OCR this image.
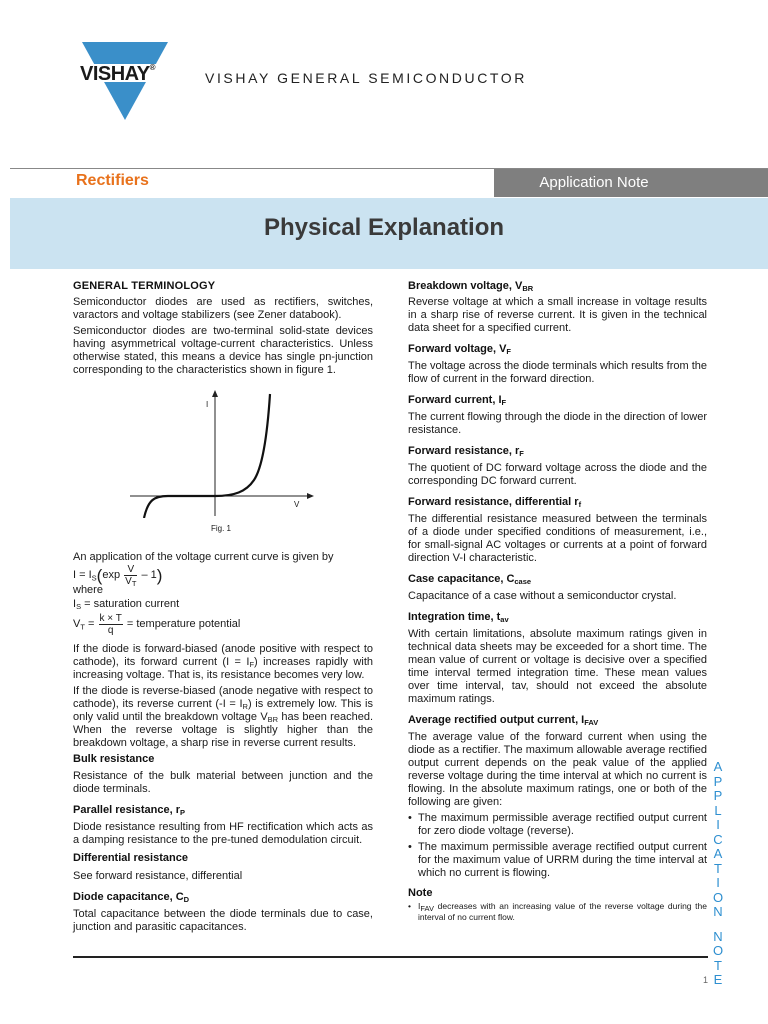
VISHAY®
VISHAY GENERAL SEMICONDUCTOR
Rectifiers	Application Note
Physical Explanation
GENERAL TERMINOLOGY

Semiconductor diodes are used as rectifiers, switches, varactors and voltage stabilizers (see Zener databook).

Semiconductor diodes are two-terminal solid-state devices having asymmetrical voltage-current characteristics. Unless otherwise stated, this means a device has single pn-junction corresponding to the characteristics shown in figure 1.

I
V
Fig. 1

An application of the voltage current curve is given by

$I = I_S(\exp \frac{V}{V_T} - 1)$
where
$I_S$ = saturation current
$V_T = \frac{k \times T}{q}$ = temperature potential

If the diode is forward-biased (anode positive with respect to cathode), its forward current $(I = I_F)$ increases rapidly with increasing voltage. That is, its resistance becomes very low.

If the diode is reverse-biased (anode negative with respect to cathode), its reverse current $(-I = I_R)$ is extremely low. This is only valid until the breakdown voltage $V_{BR}$ has been reached. When the reverse voltage is slightly higher than the breakdown voltage, a sharp rise in reverse current results.

Bulk resistance

Resistance of the bulk material between junction and the diode terminals.

Parallel resistance, $r_P$

Diode resistance resulting from HF rectification which acts as a damping resistance to the pre-tuned demodulation circuit.

Differential resistance

See forward resistance, differential

Diode capacitance, $C_D$

Total capacitance between the diode terminals due to case, junction and parasitic capacitances.

Breakdown voltage, $V_{BR}$

Reverse voltage at which a small increase in voltage results in a sharp rise of reverse current. It is given in the technical data sheet for a specified current.

Forward voltage, $V_F$

The voltage across the diode terminals which results from the flow of current in the forward direction.

Forward current, $I_F$

The current flowing through the diode in the direction of lower resistance.

Forward resistance, $r_F$

The quotient of DC forward voltage across the diode and the corresponding DC forward current.

Forward resistance, differential $r_f$

The differential resistance measured between the terminals of a diode under specified conditions of measurement, i.e., for small-signal AC voltages or currents at a point of forward direction V-I characteristic.

Case capacitance, $C_{case}$

Capacitance of a case without a semiconductor crystal.

Integration time, $t_{av}$

With certain limitations, absolute maximum ratings given in technical data sheets may be exceeded for a short time. The mean value of current or voltage is decisive over a specified time interval termed integration time. These mean values over time interval, tav, should not exceed the absolute maximum ratings.

Average rectified output current, $I_{FAV}$

The average value of the forward current when using the diode as a rectifier. The maximum allowable average rectified output current depends on the peak value of the applied reverse voltage during the time interval at which no current is flowing. In the absolute maximum ratings, one or both of the following are given:

• The maximum permissible average rectified output current for zero diode voltage (reverse).

• The maximum permissible average rectified output current for the maximum value of URRM during the time interval at which no current is flowing.

Note

• $I_{FAV}$ decreases with an increasing value of the reverse voltage during the interval of no current flow.

A
P
P
L
I
C
A
T
I
O
N
N
O
T
E
1
